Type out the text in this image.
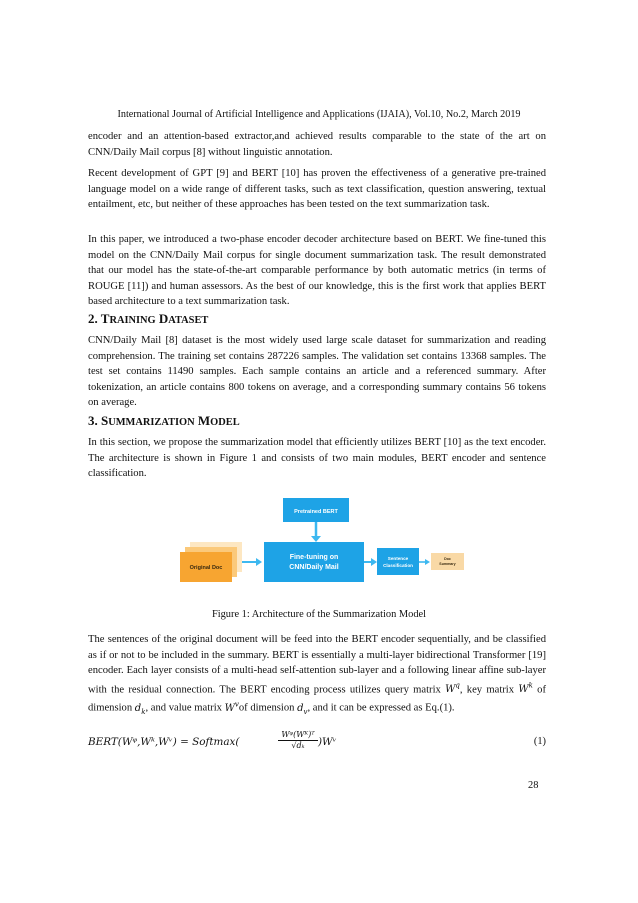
International Journal of Artificial Intelligence and Applications (IJAIA), Vol.10, No.2, March 2019

encoder and an attention-based extractor,and achieved results comparable to the state of the art on CNN/Daily Mail corpus [8] without linguistic annotation.

Recent development of GPT [9] and BERT [10] has proven the effectiveness of a generative pre-trained language model on a wide range of different tasks, such as text classification, question answering, textual entailment, etc, but neither of these approaches has been tested on the text summarization task.

In this paper, we introduced a two-phase encoder decoder architecture based on BERT. We fine-tuned this model on the CNN/Daily Mail corpus for single document summarization task. The result demonstrated that our model has the state-of-the-art comparable performance by both automatic metrics (in terms of ROUGE [11]) and human assessors. As the best of our knowledge, this is the first work that applies BERT based architecture to a text summarization task.

2. TRAINING DATASET

CNN/Daily Mail [8] dataset is the most widely used large scale dataset for summarization and reading comprehension. The training set contains 287226 samples. The validation set contains 13368 samples. The test set contains 11490 samples. Each sample contains an article and a referenced summary. After tokenization, an article contains 800 tokens on average, and a corresponding summary contains 56 tokens on average.

3. SUMMARIZATION MODEL

In this section, we propose the summarization model that efficiently utilizes BERT [10] as the text encoder. The architecture is shown in Figure 1 and consists of two main modules, BERT encoder and sentence classification.

Pretrained BERT
Original Doc
Fine-tuning on
CNN/Daily Mail
Sentence
Classification
Doc
Summary
Figure 1: Architecture of the Summarization Model

The sentences of the original document will be feed into the BERT encoder sequentially, and be classified as if or not to be included in the summary. BERT is essentially a multi-layer bidirectional Transformer [19] encoder. Each layer consists of a multi-head self-attention sub-layer and a following linear affine sub-layer with the residual connection. The BERT encoding process utilizes query matrix $W^q$, key matrix $W^k$ of dimension $d_k$, and value matrix $W^vof$ dimension $d_v$, and it can be expressed as Eq.(1).

BERT(Wᵠ,Wᵏ,Wᵛ) = Softmax(	$\frac{\text{Wᵠ(Wᴷ)ᵀ}}{\text{√dₖ}}$ )Wᵛ	(1)
28
